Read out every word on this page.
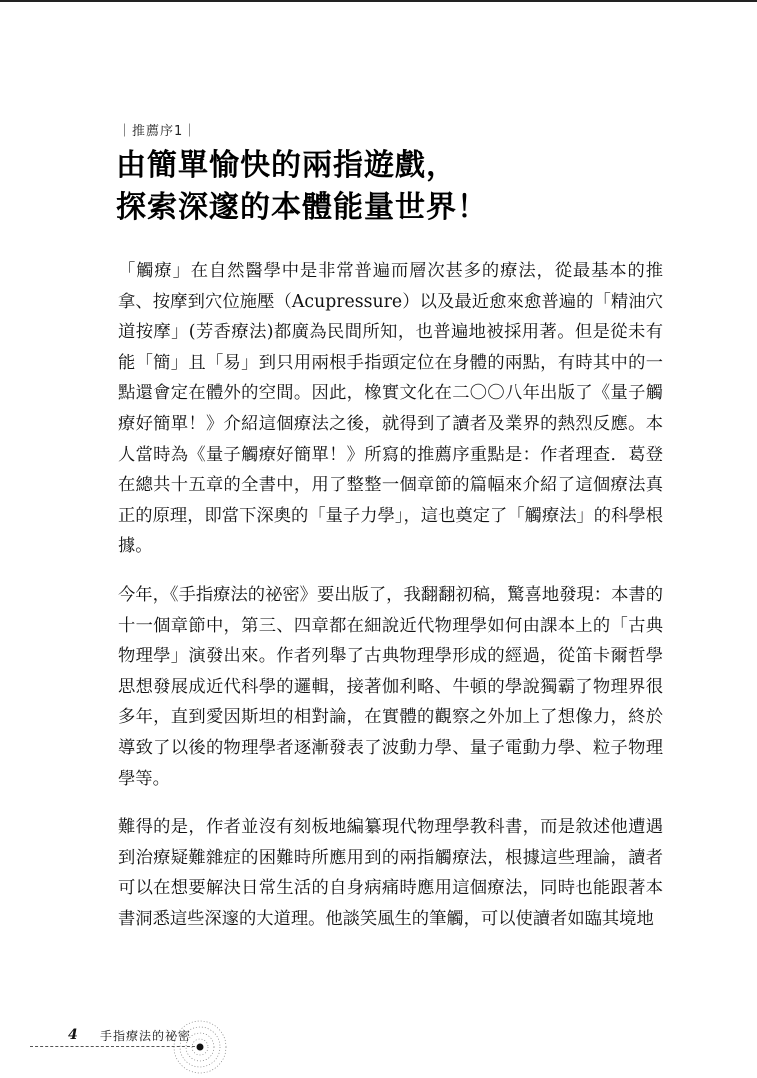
｜推薦序1｜
由簡單愉快的兩指遊戲，
探索深邃的本體能量世界！

「觸療」在自然醫學中是非常普遍而層次甚多的療法，從最基本的推拿、按摩到穴位施壓（Acupressure）以及最近愈來愈普遍的「精油穴道按摩」(芳香療法)都廣為民間所知，也普遍地被採用著。但是從未有能「簡」且「易」到只用兩根手指頭定位在身體的兩點，有時其中的一點還會定在體外的空間。因此，橡實文化在二〇〇八年出版了《量子觸療好簡單！》介紹這個療法之後，就得到了讀者及業界的熱烈反應。本人當時為《量子觸療好簡單！》所寫的推薦序重點是：作者理查．葛登在總共十五章的全書中，用了整整一個章節的篇幅來介紹了這個療法真正的原理，即當下深奧的「量子力學」，這也奠定了「觸療法」的科學根據。

今年，《手指療法的祕密》要出版了，我翻翻初稿，驚喜地發現：本書的十一個章節中，第三、四章都在細說近代物理學如何由課本上的「古典物理學」演發出來。作者列舉了古典物理學形成的經過，從笛卡爾哲學思想發展成近代科學的邏輯，接著伽利略、牛頓的學說獨霸了物理界很多年，直到愛因斯坦的相對論，在實體的觀察之外加上了想像力，終於導致了以後的物理學者逐漸發表了波動力學、量子電動力學、粒子物理學等。

難得的是，作者並沒有刻板地編纂現代物理學教科書，而是敘述他遭遇到治療疑難雜症的困難時所應用到的兩指觸療法，根據這些理論，讀者可以在想要解決日常生活的自身病痛時應用這個療法，同時也能跟著本書洞悉這些深邃的大道理。他談笑風生的筆觸，可以使讀者如臨其境地

4 手指療法的祕密
